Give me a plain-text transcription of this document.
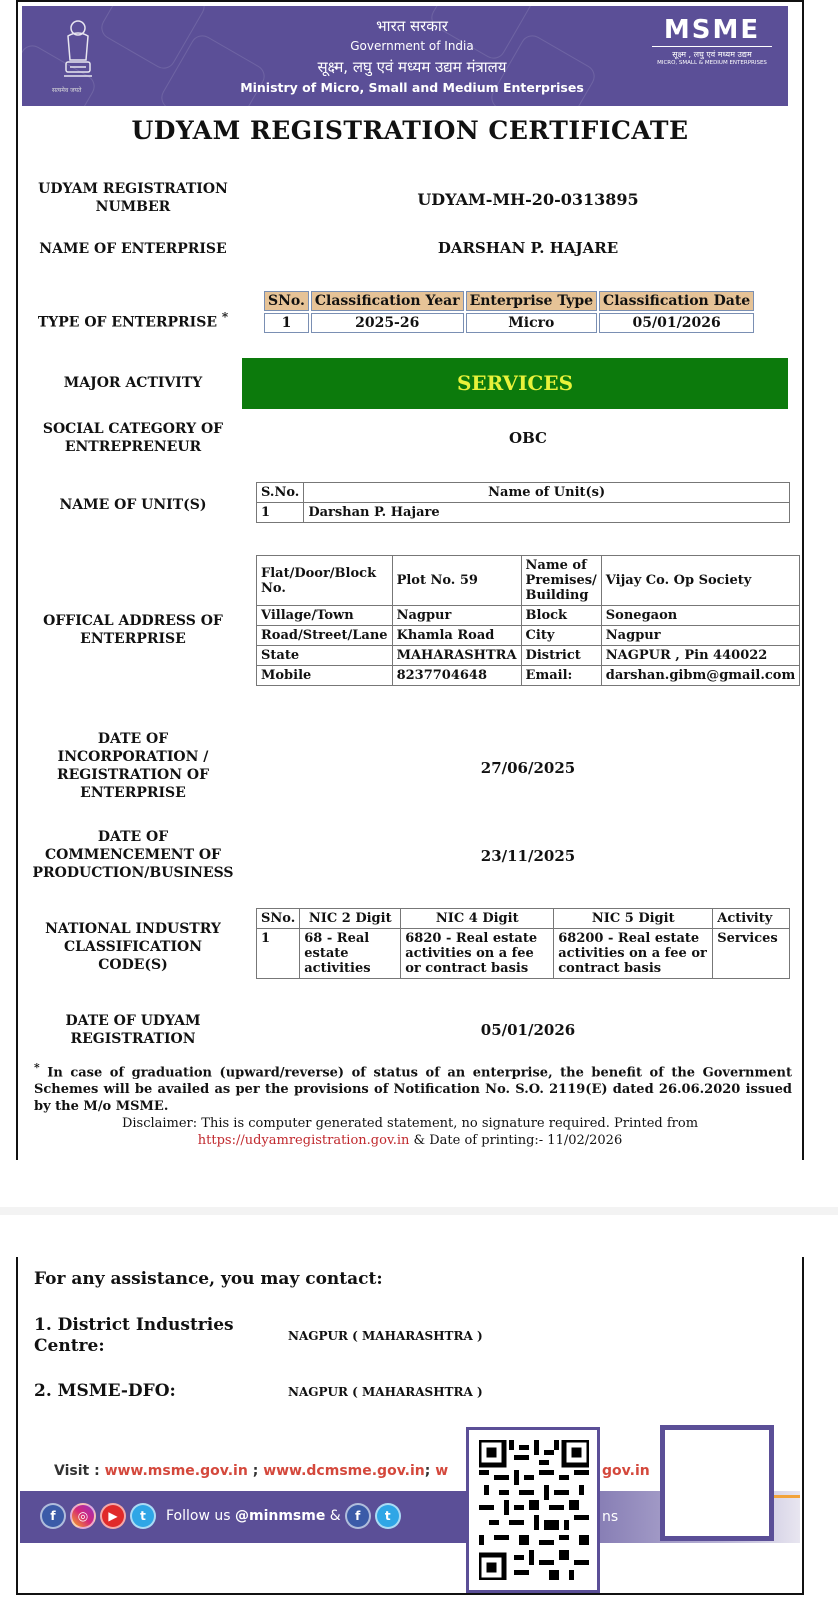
सत्यमेव जयते
भारत सरकार
Government of India
सूक्ष्म, लघु एवं मध्यम उद्यम मंत्रालय
Ministry of Micro, Small and Medium Enterprises
MSME
सूक्ष्म , लघु एवं मध्यम उद्यम
MICRO, SMALL & MEDIUM ENTERPRISES
UDYAM REGISTRATION CERTIFICATE
UDYAM REGISTRATION NUMBER	UDYAM-MH-20-0313895
NAME OF ENTERPRISE	DARSHAN P. HAJARE
TYPE OF ENTERPRISE *
SNo.	Classification Year	Enterprise Type	Classification Date
1	2025-26	Micro	05/01/2026
MAJOR ACTIVITY	SERVICES
SOCIAL CATEGORY OF ENTREPRENEUR	OBC
NAME OF UNIT(S)
S.No.	Name of Unit(s)
1	Darshan P. Hajare
OFFICAL ADDRESS OF ENTERPRISE
Flat/Door/Block No.	Plot No. 59	Name of Premises/ Building	Vijay Co. Op Society
Village/Town	Nagpur	Block	Sonegaon
Road/Street/Lane	Khamla Road	City	Nagpur
State	MAHARASHTRA	District	NAGPUR , Pin 440022
Mobile	8237704648	Email:	darshan.gibm@gmail.com
DATE OF INCORPORATION / REGISTRATION OF ENTERPRISE
27/06/2025
DATE OF COMMENCEMENT OF PRODUCTION/BUSINESS
23/11/2025
NATIONAL INDUSTRY CLASSIFICATION CODE(S)
SNo.	NIC 2 Digit	NIC 4 Digit	NIC 5 Digit	Activity
1	68 - Real estate activities	6820 - Real estate activities on a fee or contract basis	68200 - Real estate activities on a fee or contract basis	Services
DATE OF UDYAM REGISTRATION	05/01/2026
* In case of graduation (upward/reverse) of status of an enterprise, the benefit of the Government Schemes will be availed as per the provisions of Notification No. S.O. 2119(E) dated 26.06.2020 issued by the M/o MSME.
Disclaimer: This is computer generated statement, no signature required. Printed from
https://udyamregistration.gov.in & Date of printing:- 11/02/2026
For any assistance, you may contact:
1. District Industries Centre:	NAGPUR ( MAHARASHTRA )
2. MSME-DFO:	NAGPUR ( MAHARASHTRA )
Visit : www.msme.gov.in ; www.dcmsme.gov.in; w	gov.in
f	◎	▶	t	Follow us @minmsme &	f	t	ns
